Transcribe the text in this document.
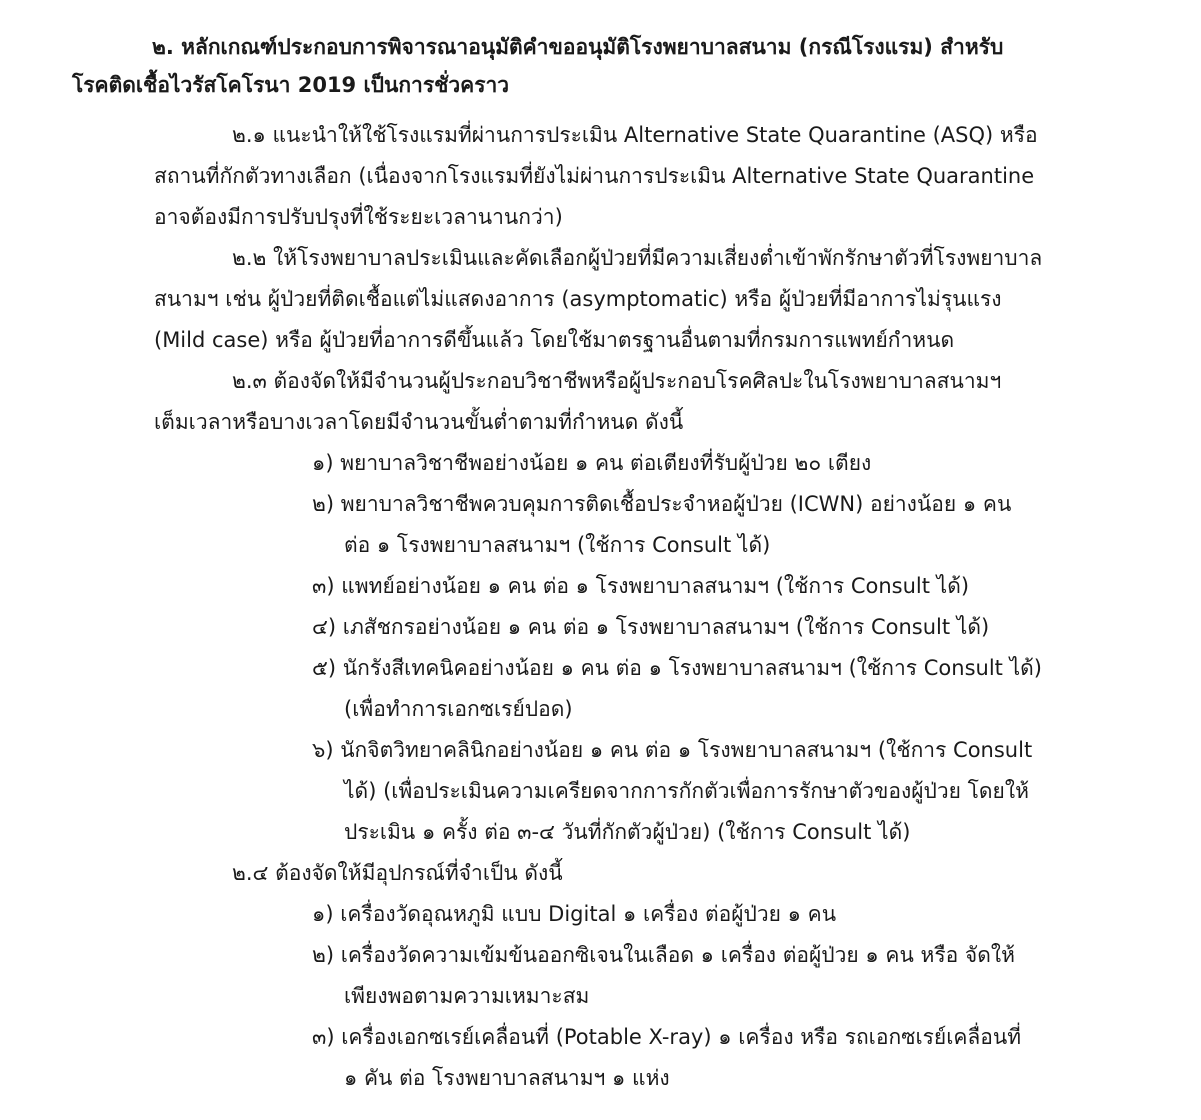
๒. หลักเกณฑ์ประกอบการพิจารณาอนุมัติคำขออนุมัติโรงพยาบาลสนาม (กรณีโรงแรม) สำหรับ
โรคติดเชื้อไวรัสโคโรนา 2019 เป็นการชั่วคราว
๒.๑ แนะนำให้ใช้โรงแรมที่ผ่านการประเมิน Alternative State Quarantine (ASQ) หรือ
สถานที่กักตัวทางเลือก (เนื่องจากโรงแรมที่ยังไม่ผ่านการประเมิน Alternative State Quarantine
อาจต้องมีการปรับปรุงที่ใช้ระยะเวลานานกว่า)
๒.๒ ให้โรงพยาบาลประเมินและคัดเลือกผู้ป่วยที่มีความเสี่ยงต่ำเข้าพักรักษาตัวที่โรงพยาบาล
สนามฯ เช่น ผู้ป่วยที่ติดเชื้อแต่ไม่แสดงอาการ (asymptomatic) หรือ ผู้ป่วยที่มีอาการไม่รุนแรง
(Mild case) หรือ ผู้ป่วยที่อาการดีขึ้นแล้ว โดยใช้มาตรฐานอื่นตามที่กรมการแพทย์กำหนด
๒.๓ ต้องจัดให้มีจำนวนผู้ประกอบวิชาชีพหรือผู้ประกอบโรคศิลปะในโรงพยาบาลสนามฯ
เต็มเวลาหรือบางเวลาโดยมีจำนวนขั้นต่ำตามที่กำหนด ดังนี้
๑) พยาบาลวิชาชีพอย่างน้อย ๑ คน ต่อเตียงที่รับผู้ป่วย ๒๐ เตียง
๒) พยาบาลวิชาชีพควบคุมการติดเชื้อประจำหอผู้ป่วย (ICWN) อย่างน้อย ๑ คน
ต่อ ๑ โรงพยาบาลสนามฯ (ใช้การ Consult ได้)
๓) แพทย์อย่างน้อย ๑ คน ต่อ ๑ โรงพยาบาลสนามฯ (ใช้การ Consult ได้)
๔) เภสัชกรอย่างน้อย ๑ คน ต่อ ๑ โรงพยาบาลสนามฯ (ใช้การ Consult ได้)
๕) นักรังสีเทคนิคอย่างน้อย ๑ คน ต่อ ๑ โรงพยาบาลสนามฯ (ใช้การ Consult ได้)
(เพื่อทำการเอกซเรย์ปอด)
๖) นักจิตวิทยาคลินิกอย่างน้อย ๑ คน ต่อ ๑ โรงพยาบาลสนามฯ (ใช้การ Consult
ได้) (เพื่อประเมินความเครียดจากการกักตัวเพื่อการรักษาตัวของผู้ป่วย โดยให้
ประเมิน ๑ ครั้ง ต่อ ๓-๔ วันที่กักตัวผู้ป่วย) (ใช้การ Consult ได้)
๒.๔ ต้องจัดให้มีอุปกรณ์ที่จำเป็น ดังนี้
๑) เครื่องวัดอุณหภูมิ แบบ Digital ๑ เครื่อง ต่อผู้ป่วย ๑ คน
๒) เครื่องวัดความเข้มข้นออกซิเจนในเลือด ๑ เครื่อง ต่อผู้ป่วย ๑ คน หรือ จัดให้
เพียงพอตามความเหมาะสม
๓) เครื่องเอกซเรย์เคลื่อนที่ (Potable X-ray) ๑ เครื่อง หรือ รถเอกซเรย์เคลื่อนที่
๑ คัน ต่อ โรงพยาบาลสนามฯ ๑ แห่ง
